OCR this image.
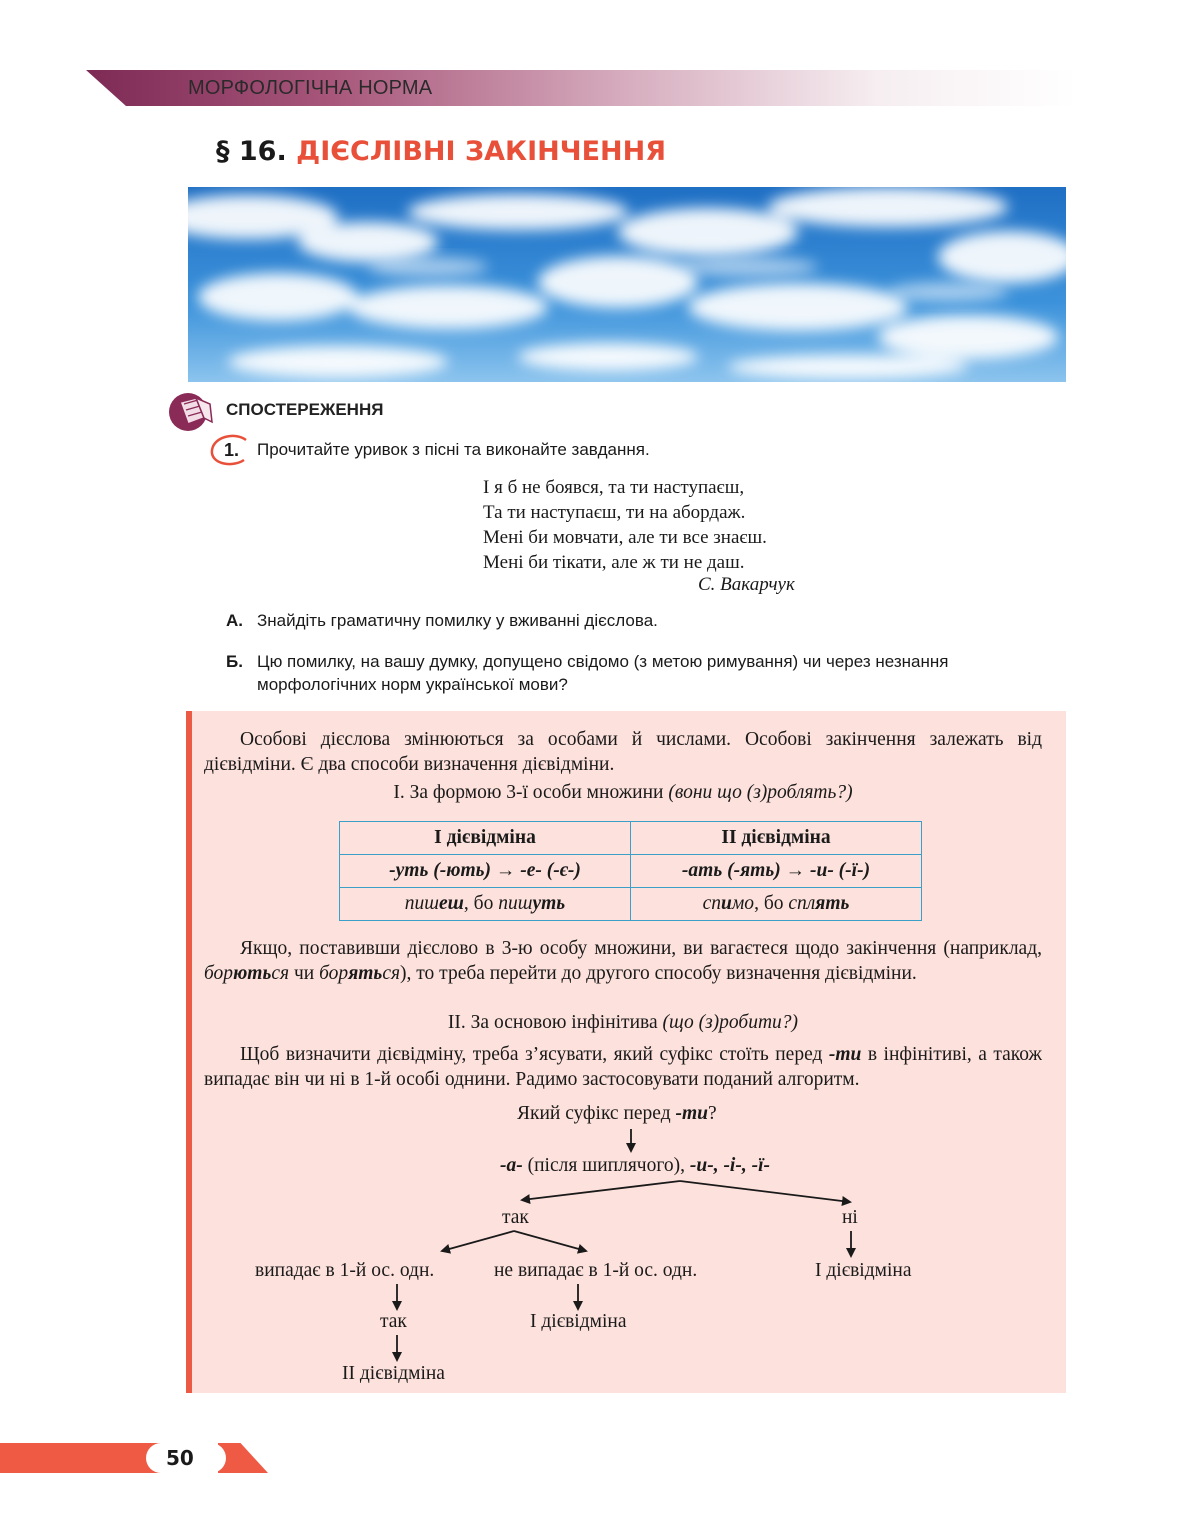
МОРФОЛОГІЧНА НОРМА
§ 16. ДІЄСЛІВНІ ЗАКІНЧЕННЯ
СПОСТЕРЕЖЕННЯ
1. Прочитайте уривок з пісні та виконайте завдання.
І я б не боявся, та ти наступаєш,
Та ти наступаєш, ти на абордаж.
Мені би мовчати, але ти все знаєш.
Мені би тікати, але ж ти не даш.
С. Вакарчук
А. Знайдіть граматичну помилку у вживанні дієслова.
Б. Цю помилку, на вашу думку, допущено свідомо (з метою римування) чи через незнання морфологічних норм української мови?
Особові дієслова змінюються за особами й числами. Особові закінчення залежать від дієвідміни. Є два способи визначення дієвідміни.
І. За формою 3-ї особи множини (вони що (з)роблять?)
І дієвідміна	ІІ дієвідміна
-уть (-ють) → -е- (-є-)	-ать (-ять) → -и- (-ї-)
пишеш, бо пишуть	спимо, бо сплять
Якщо, поставивши дієслово в 3-ю особу множини, ви вагаєтеся щодо закінчення (наприклад, борються чи боряться), то треба перейти до другого способу визначення дієвідміни.
ІІ. За основою інфінітива (що (з)робити?)
Щоб визначити дієвідміну, треба з’ясувати, який суфікс стоїть перед -ти в інфінітиві, а також випадає він чи ні в 1-й особі однини. Радимо застосовувати поданий алгоритм.
Який суфікс перед -ти?
-а- (після шиплячого), -и-, -і-, -ї-
так	ні
випадає в 1-й ос. одн.	не випадає в 1-й ос. одн.	І дієвідміна
так	І дієвідміна
ІІ дієвідміна
50
